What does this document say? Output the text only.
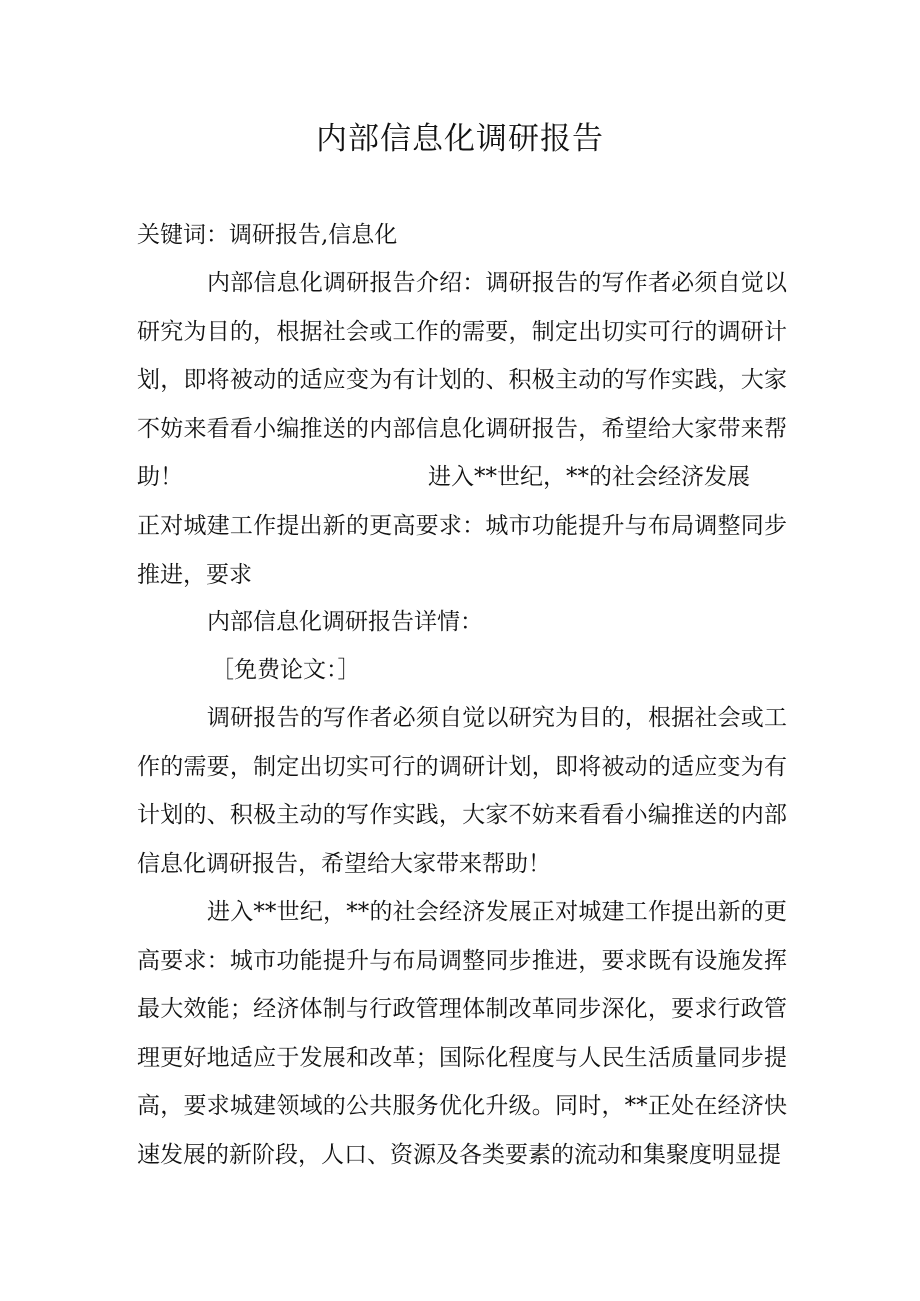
内部信息化调研报告
关键词：调研报告,信息化
内部信息化调研报告介绍：调研报告的写作者必须自觉以研究为目的，根据社会或工作的需要，制定出切实可行的调研计划，即将被动的适应变为有计划的、积极主动的写作实践，大家不妨来看看小编推送的内部信息化调研报告，希望给大家带来帮助！	进入**世纪，**的社会经济发展
正对城建工作提出新的更高要求：城市功能提升与布局调整同步推进，要求
内部信息化调研报告详情：
［免费论文：］
调研报告的写作者必须自觉以研究为目的，根据社会或工作的需要，制定出切实可行的调研计划，即将被动的适应变为有计划的、积极主动的写作实践，大家不妨来看看小编推送的内部信息化调研报告，希望给大家带来帮助！
进入**世纪，**的社会经济发展正对城建工作提出新的更高要求：城市功能提升与布局调整同步推进，要求既有设施发挥最大效能；经济体制与行政管理体制改革同步深化，要求行政管理更好地适应于发展和改革；国际化程度与人民生活质量同步提高，要求城建领域的公共服务优化升级。同时，**正处在经济快速发展的新阶段，人口、资源及各类要素的流动和集聚度明显提
